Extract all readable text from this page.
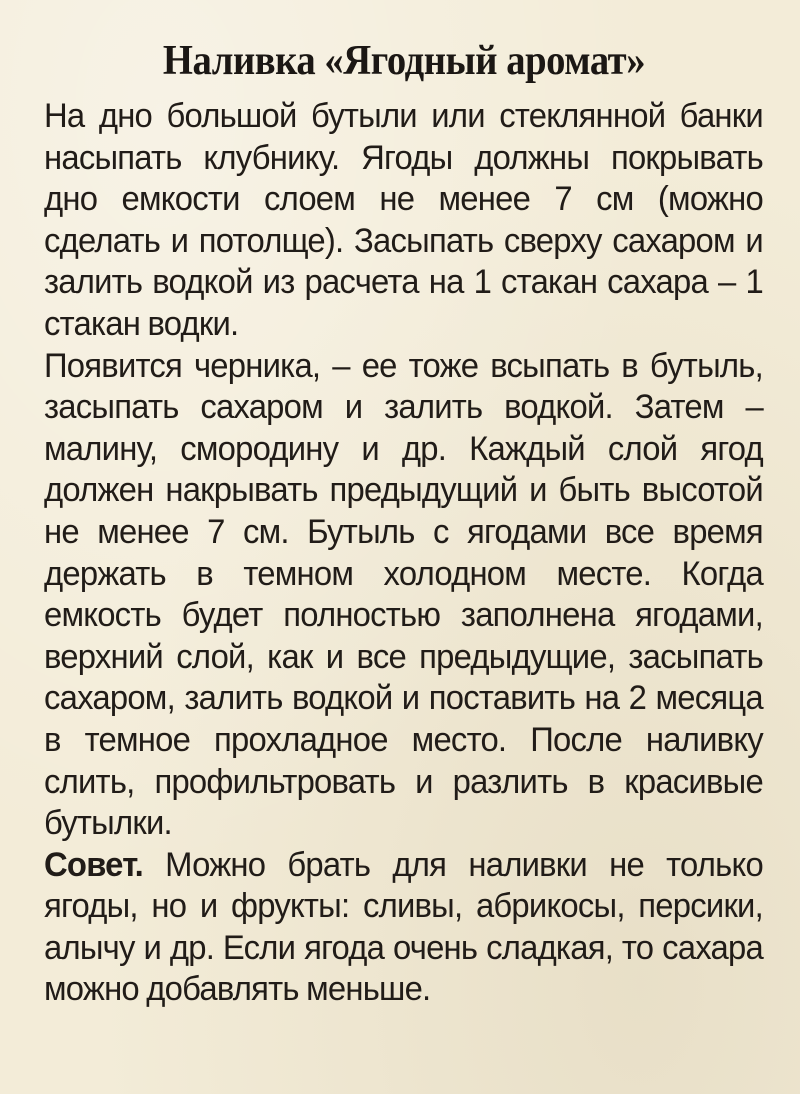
Наливка «Ягодный аромат»

На дно большой бутыли или стеклянной банки насыпать клубнику. Ягоды должны покрывать дно емкости слоем не менее 7 см (можно сделать и потолще). Засыпать сверху сахаром и залить водкой из расчета на 1 стакан сахара – 1 стакан водки.

Появится черника, – ее тоже всыпать в бутыль, засыпать сахаром и залить водкой. Затем – малину, смородину и др. Каждый слой ягод должен накрывать предыдущий и быть высотой не менее 7 см. Бутыль с ягодами все время держать в темном холодном месте. Когда емкость будет полностью заполнена ягодами, верхний слой, как и все предыдущие, засыпать сахаром, залить водкой и поставить на 2 месяца в темное прохладное место. После наливку слить, профильтровать и разлить в красивые бутылки.

Совет. Можно брать для наливки не только ягоды, но и фрукты: сливы, абрикосы, персики, алычу и др. Если ягода очень сладкая, то сахара можно добавлять меньше.
